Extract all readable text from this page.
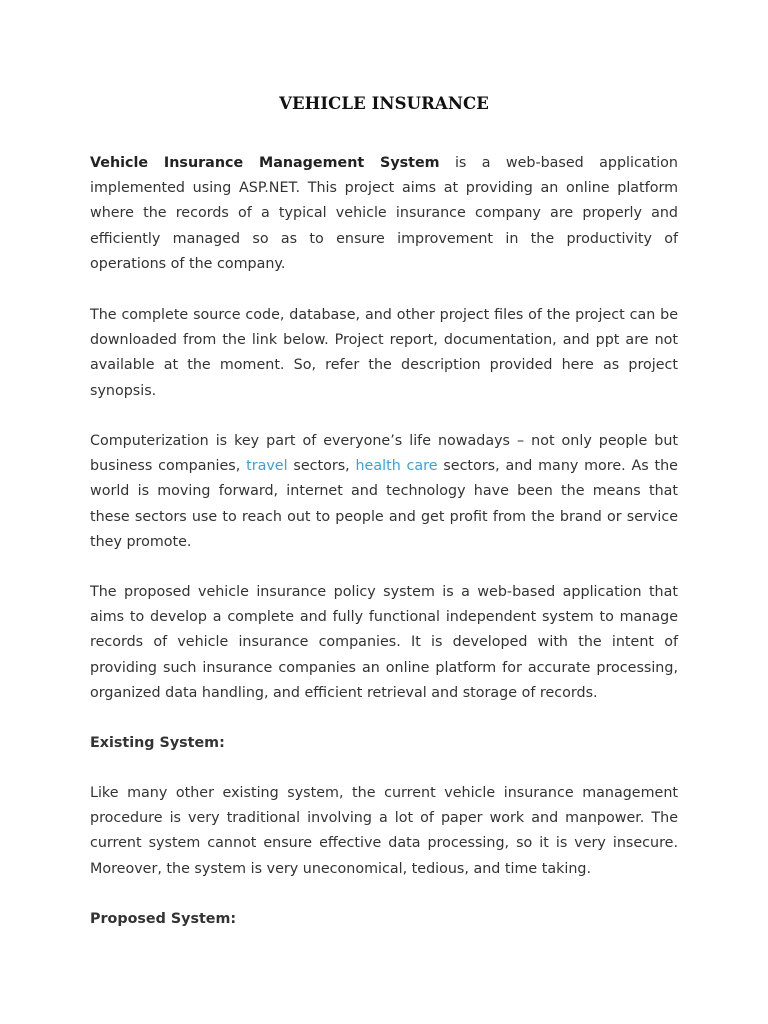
VEHICLE INSURANCE

Vehicle Insurance Management System is a web-based application implemented using ASP.NET. This project aims at providing an online platform where the records of a typical vehicle insurance company are properly and efficiently managed so as to ensure improvement in the productivity of operations of the company.

The complete source code, database, and other project files of the project can be downloaded from the link below. Project report, documentation, and ppt are not available at the moment. So, refer the description provided here as project synopsis.

Computerization is key part of everyone’s life nowadays – not only people but business companies, travel sectors, health care sectors, and many more. As the world is moving forward, internet and technology have been the means that these sectors use to reach out to people and get profit from the brand or service they promote.

The proposed vehicle insurance policy system is a web-based application that aims to develop a complete and fully functional independent system to manage records of vehicle insurance companies. It is developed with the intent of providing such insurance companies an online platform for accurate processing, organized data handling, and efficient retrieval and storage of records.

Existing System:

Like many other existing system, the current vehicle insurance management procedure is very traditional involving a lot of paper work and manpower. The current system cannot ensure effective data processing, so it is very insecure. Moreover, the system is very uneconomical, tedious, and time taking.

Proposed System:
